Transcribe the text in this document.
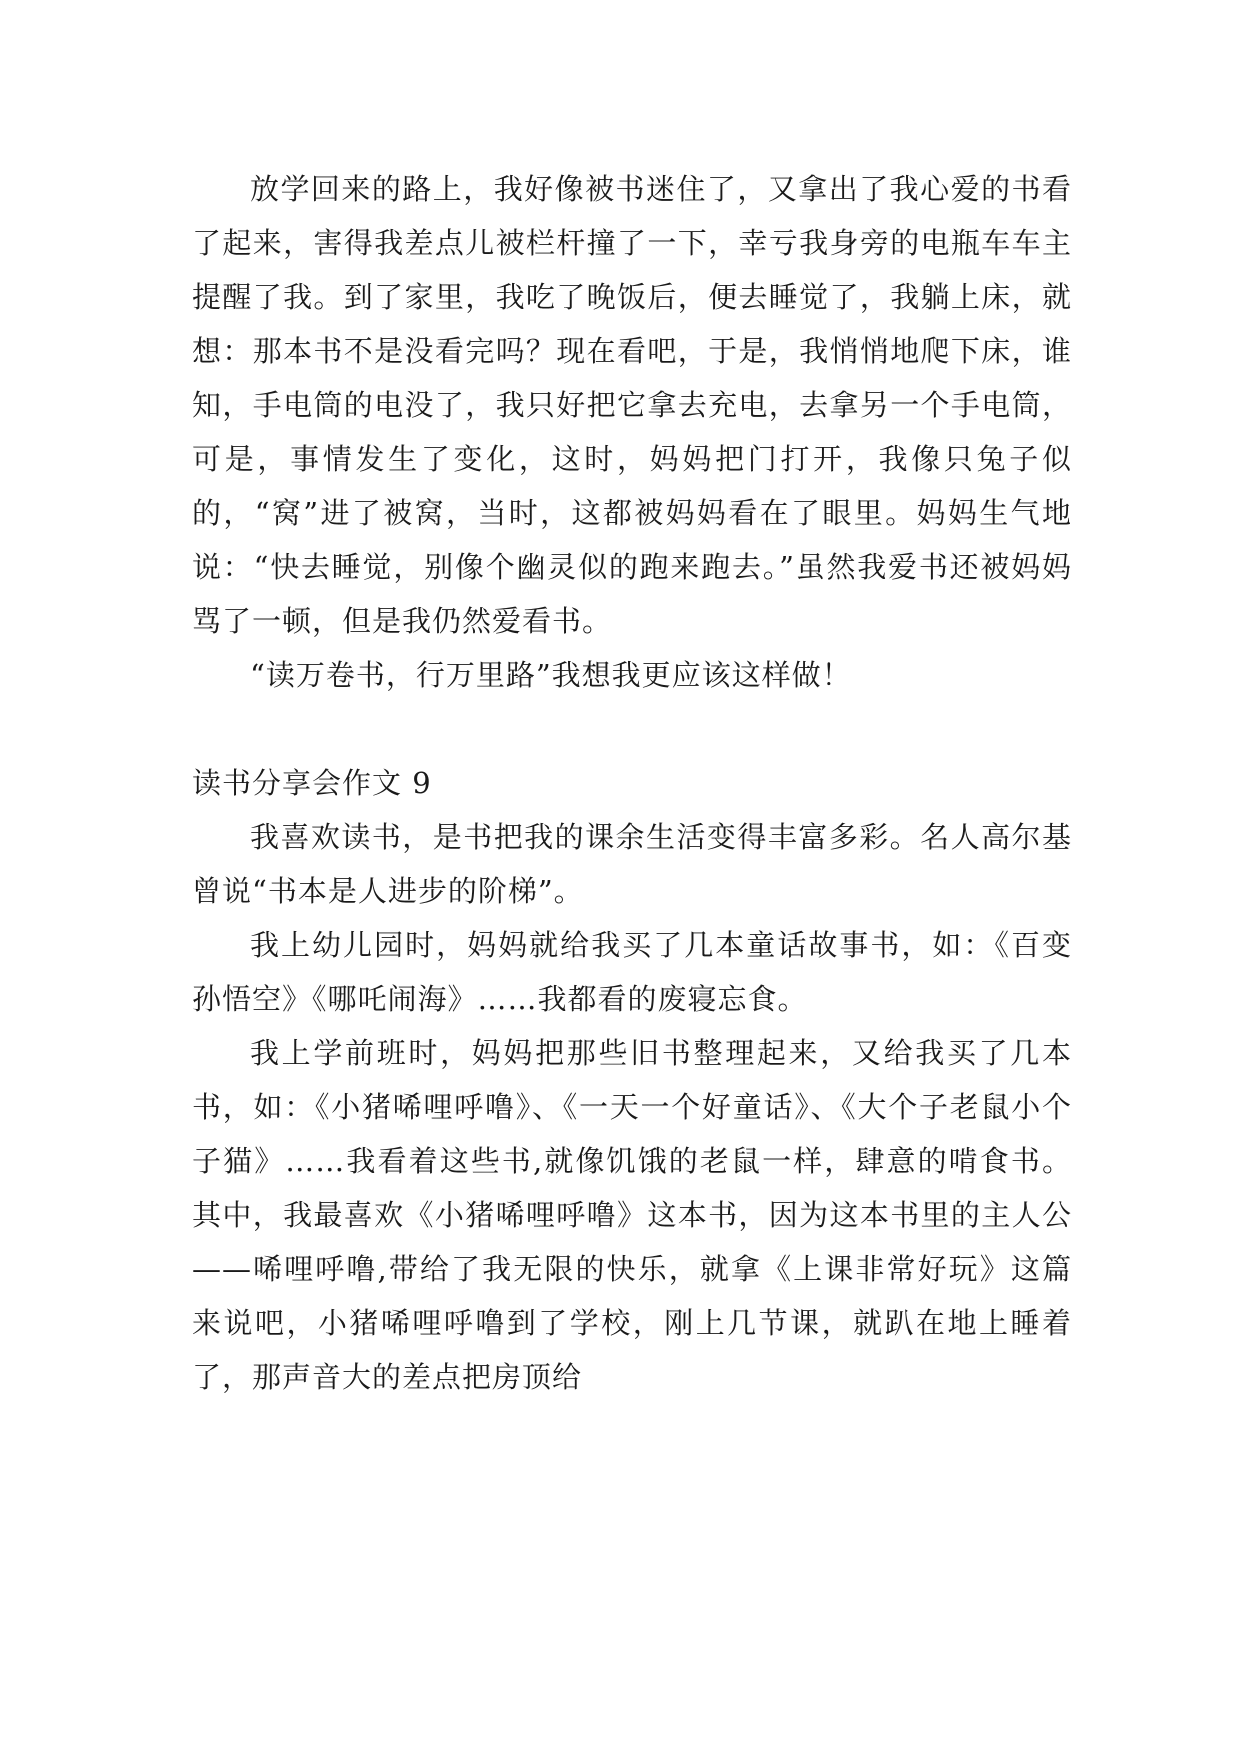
放学回来的路上，我好像被书迷住了，又拿出了我心爱的书看了起来，害得我差点儿被栏杆撞了一下，幸亏我身旁的电瓶车车主提醒了我。到了家里，我吃了晚饭后，便去睡觉了，我躺上床，就想：那本书不是没看完吗？现在看吧，于是，我悄悄地爬下床，谁知，手电筒的电没了，我只好把它拿去充电，去拿另一个手电筒，可是，事情发生了变化，这时，妈妈把门打开，我像只兔子似的，“窝”进了被窝，当时，这都被妈妈看在了眼里。妈妈生气地说：“快去睡觉，别像个幽灵似的跑来跑去。”虽然我爱书还被妈妈骂了一顿，但是我仍然爱看书。

“读万卷书，行万里路”我想我更应该这样做！

读书分享会作文 9

我喜欢读书，是书把我的课余生活变得丰富多彩。名人高尔基曾说“书本是人进步的阶梯”。

我上幼儿园时，妈妈就给我买了几本童话故事书，如：《百变孙悟空》《哪吒闹海》……我都看的废寝忘食。

我上学前班时，妈妈把那些旧书整理起来，又给我买了几本书，如：《小猪唏哩呼噜》、《一天一个好童话》、《大个子老鼠小个子猫》……我看着这些书,就像饥饿的老鼠一样，肆意的啃食书。其中，我最喜欢《小猪唏哩呼噜》这本书，因为这本书里的主人公——唏哩呼噜,带给了我无限的快乐，就拿《上课非常好玩》这篇来说吧，小猪唏哩呼噜到了学校，刚上几节课，就趴在地上睡着了，那声音大的差点把房顶给
